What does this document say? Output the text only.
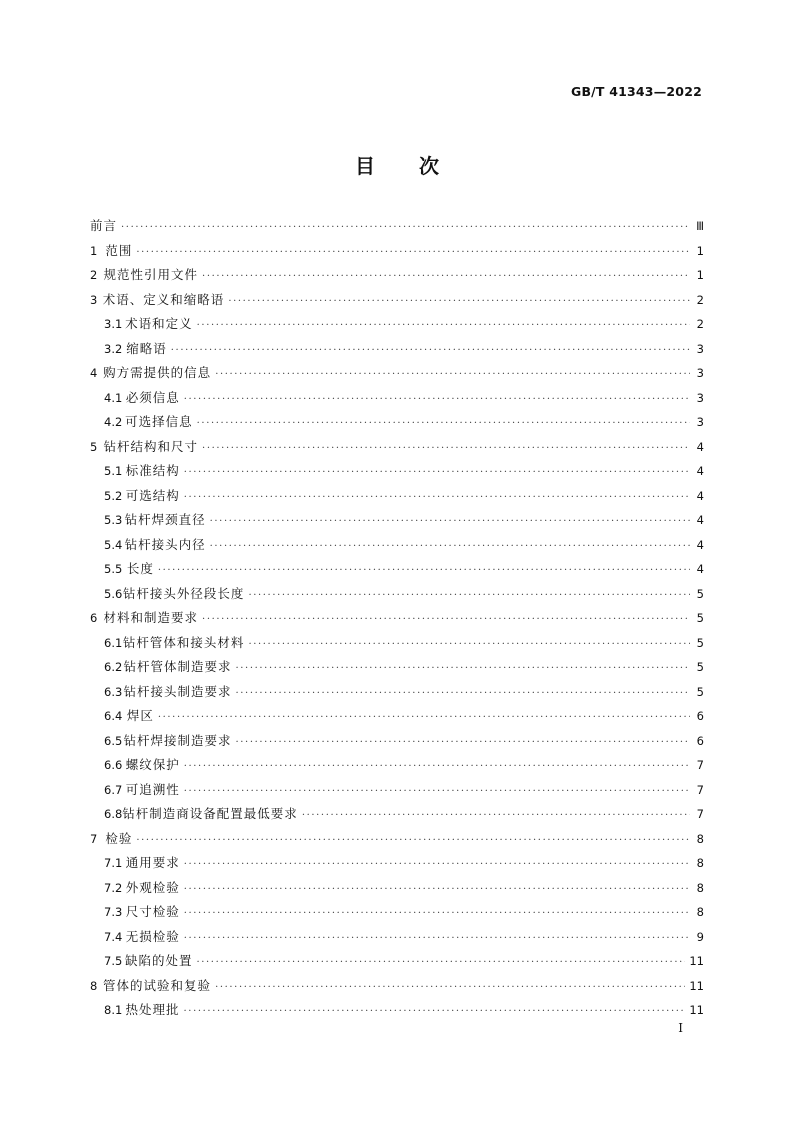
GB/T 41343—2022
目 次
前言 ·····	Ⅲ
1 范围 ·····	1
2 规范性引用文件 ·····	1
3 术语、定义和缩略语 ·····	2
3.1 术语和定义 ·····	2
3.2 缩略语 ·····	3
4 购方需提供的信息 ·····	3
4.1 必须信息 ·····	3
4.2 可选择信息 ·····	3
5 钻杆结构和尺寸 ·····	4
5.1 标准结构 ·····	4
5.2 可选结构 ·····	4
5.3 钻杆焊颈直径 ·····	4
5.4 钻杆接头内径 ·····	4
5.5 长度 ·····	4
5.6 钻杆接头外径段长度 ·····	5
6 材料和制造要求 ·····	5
6.1 钻杆管体和接头材料 ·····	5
6.2 钻杆管体制造要求 ·····	5
6.3 钻杆接头制造要求 ·····	5
6.4 焊区 ·····	6
6.5 钻杆焊接制造要求 ·····	6
6.6 螺纹保护 ·····	7
6.7 可追溯性 ·····	7
6.8 钻杆制造商设备配置最低要求 ·····	7
7 检验 ·····	8
7.1 通用要求 ·····	8
7.2 外观检验 ·····	8
7.3 尺寸检验 ·····	8
7.4 无损检验 ·····	9
7.5 缺陷的处置 ·····	11
8 管体的试验和复验 ·····	11
8.1 热处理批 ·····	11
I
